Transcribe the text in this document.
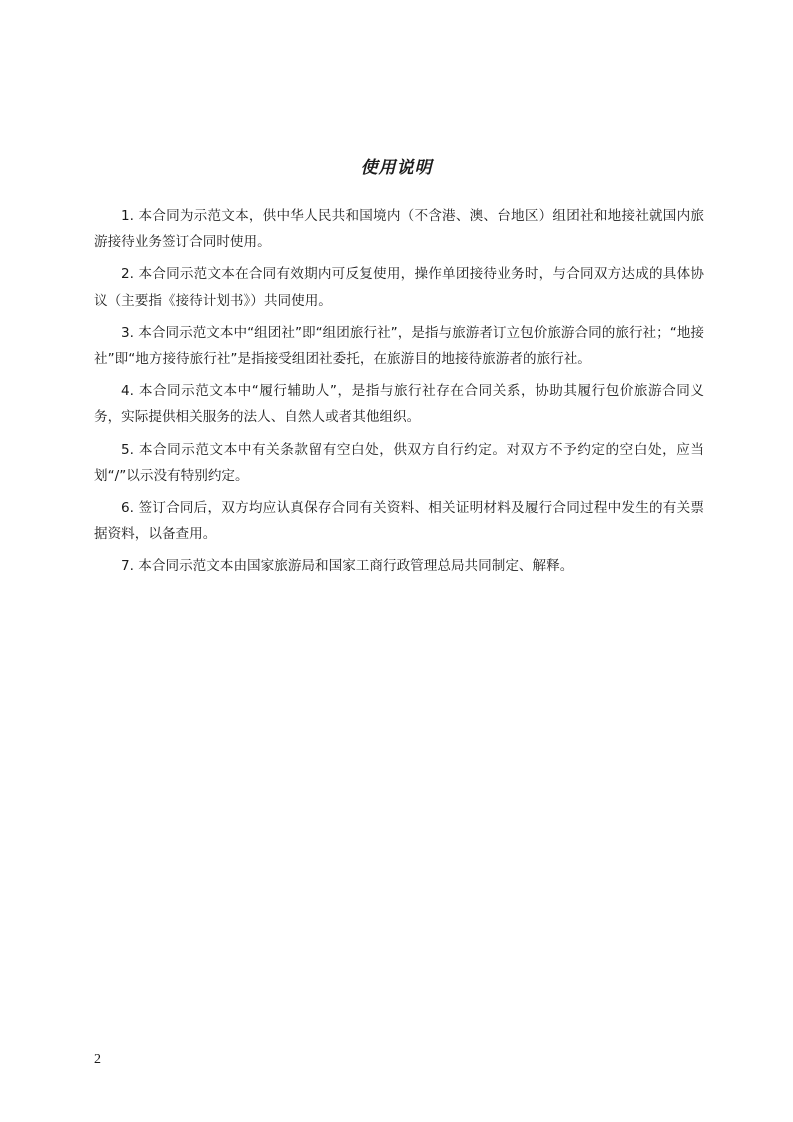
使用说明

1. 本合同为示范文本，供中华人民共和国境内（不含港、澳、台地区）组团社和地接社就国内旅游接待业务签订合同时使用。

2. 本合同示范文本在合同有效期内可反复使用，操作单团接待业务时，与合同双方达成的具体协议（主要指《接待计划书》）共同使用。

3. 本合同示范文本中“组团社”即“组团旅行社”，是指与旅游者订立包价旅游合同的旅行社；“地接社”即“地方接待旅行社”是指接受组团社委托，在旅游目的地接待旅游者的旅行社。

4. 本合同示范文本中“履行辅助人”，是指与旅行社存在合同关系，协助其履行包价旅游合同义务，实际提供相关服务的法人、自然人或者其他组织。

5. 本合同示范文本中有关条款留有空白处，供双方自行约定。对双方不予约定的空白处，应当划“/”以示没有特别约定。

6. 签订合同后，双方均应认真保存合同有关资料、相关证明材料及履行合同过程中发生的有关票据资料，以备查用。

7. 本合同示范文本由国家旅游局和国家工商行政管理总局共同制定、解释。

2
